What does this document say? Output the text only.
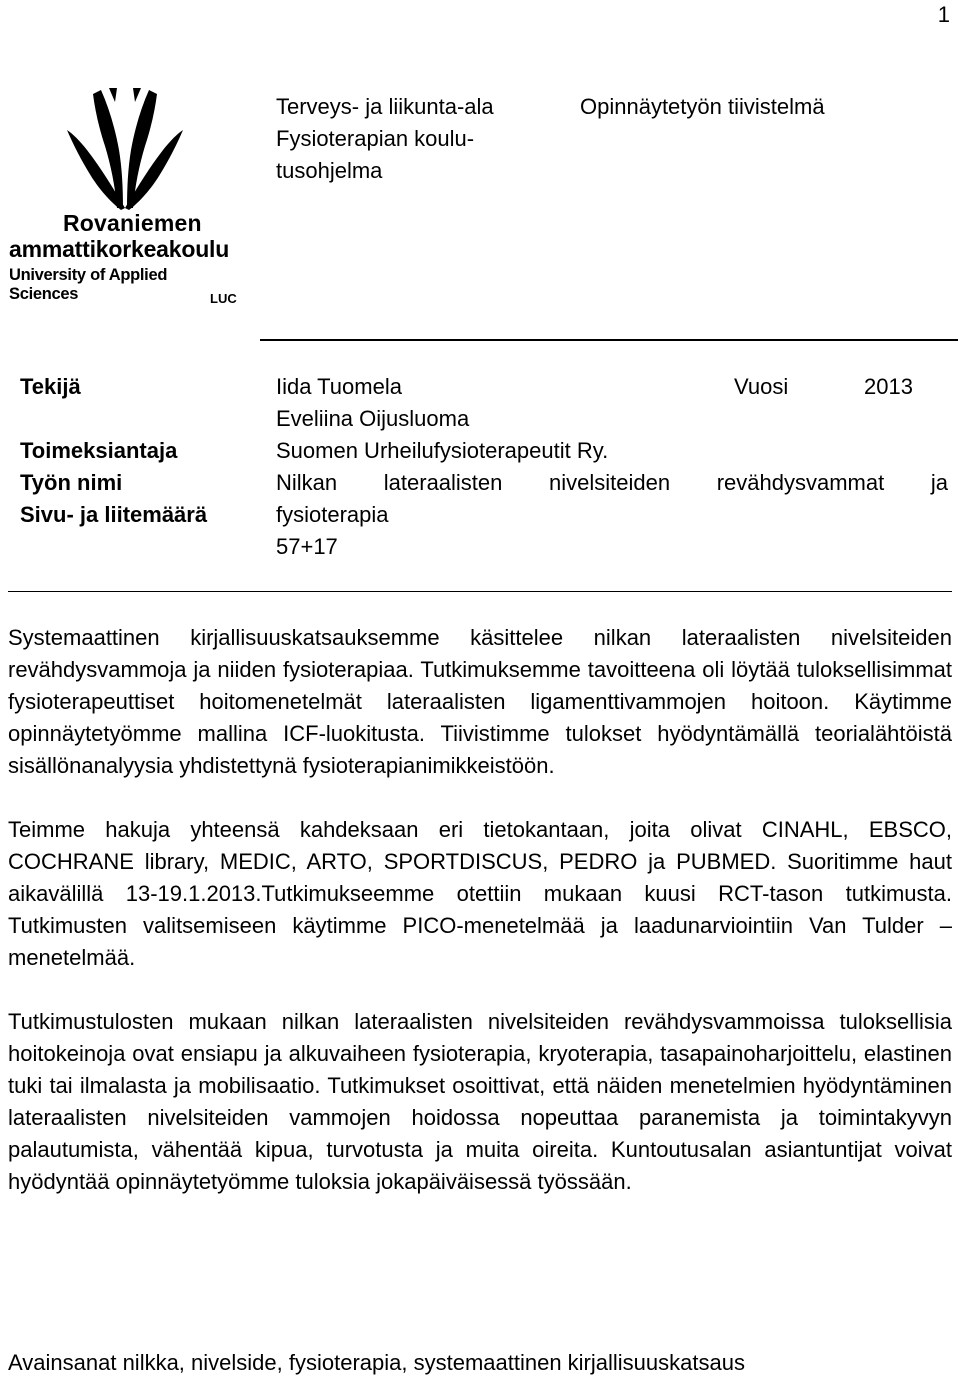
1
Rovaniemen
ammattikorkeakoulu
University of Applied Sciences	LUC
Terveys- ja liikunta-ala
Fysioterapian koulu-
tusohjelma
Opinnäytetyön tiivistelmä
Tekijä
Toimeksiantaja
Työn nimi
Sivu- ja liitemäärä
Iida Tuomela
Eveliina Oijusluoma
Vuosi	2013
Suomen Urheilufysioterapeutit Ry.
Nilkan lateraalisten nivelsiteiden revähdysvammat ja
fysioterapia
57+17

Systemaattinen kirjallisuuskatsauksemme käsittelee nilkan lateraalisten nivelsiteiden revähdysvammoja ja niiden fysioterapiaa. Tutkimuksemme tavoitteena oli löytää tuloksellisimmat fysioterapeuttiset hoitomenetelmät lateraalisten ligamenttivammojen hoitoon. Käytimme opinnäytetyömme mallina ICF-luokitusta. Tiivistimme tulokset hyödyntämällä teorialähtöistä sisällönanalyysia yhdistettynä fysioterapianimikkeistöön.

Teimme hakuja yhteensä kahdeksaan eri tietokantaan, joita olivat CINAHL, EBSCO, COCHRANE library, MEDIC, ARTO, SPORTDISCUS, PEDRO ja PUBMED. Suoritimme haut aikavälillä 13-19.1.2013.Tutkimukseemme otettiin mukaan kuusi RCT-tason tutkimusta. Tutkimusten valitsemiseen käytimme PICO-menetelmää ja laadunarviointiin Van Tulder – menetelmää.

Tutkimustulosten mukaan nilkan lateraalisten nivelsiteiden revähdysvammoissa tuloksellisia hoitokeinoja ovat ensiapu ja alkuvaiheen fysioterapia, kryoterapia, tasapainoharjoittelu, elastinen tuki tai ilmalasta ja mobilisaatio. Tutkimukset osoittivat, että näiden menetelmien hyödyntäminen lateraalisten nivelsiteiden vammojen hoidossa nopeuttaa paranemista ja toimintakyvyn palautumista, vähentää kipua, turvotusta ja muita oireita. Kuntoutusalan asiantuntijat voivat hyödyntää opinnäytetyömme tuloksia jokapäiväisessä työssään.

Avainsanat nilkka, nivelside, fysioterapia, systemaattinen kirjallisuuskatsaus
